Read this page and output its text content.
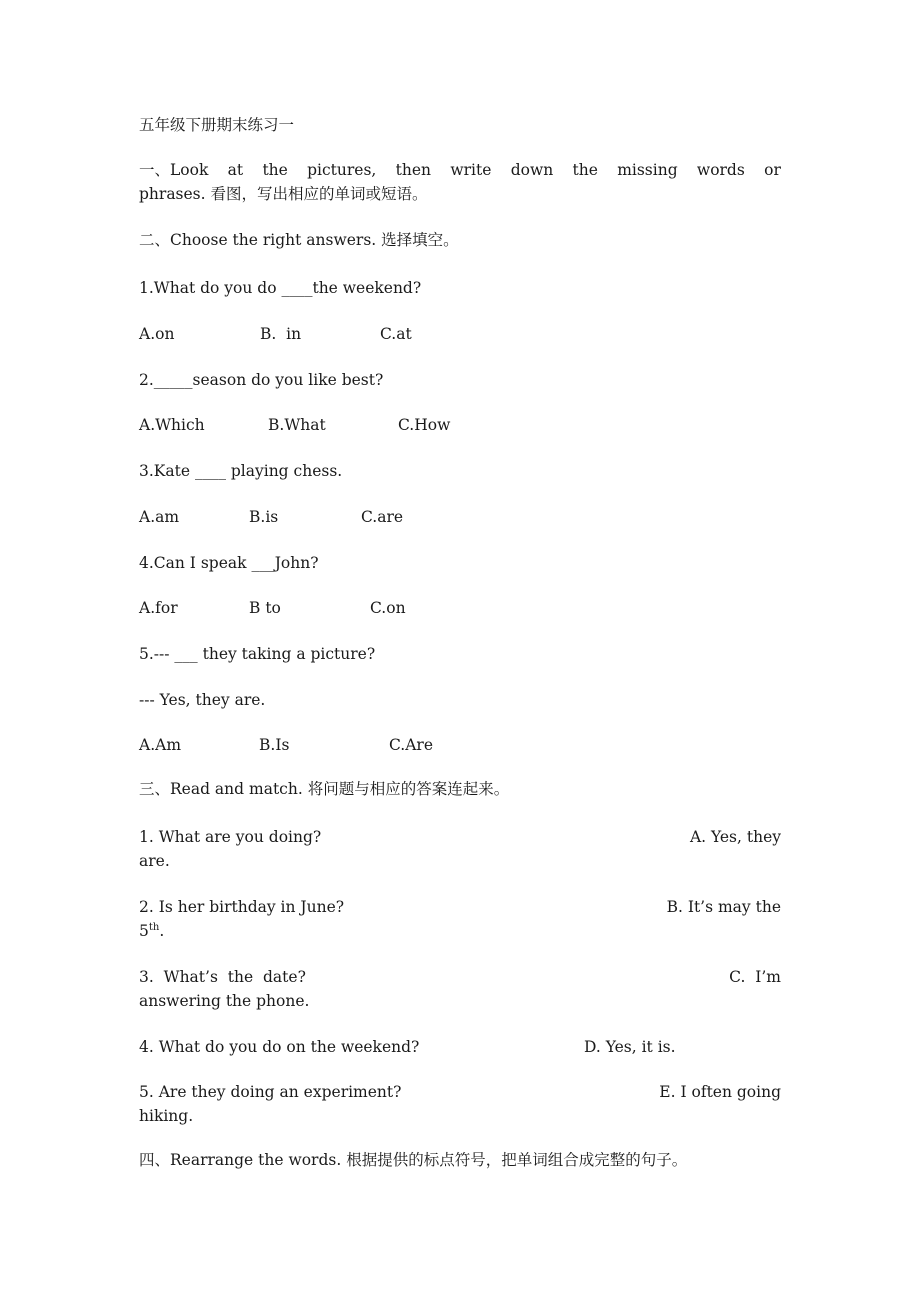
五年级下册期末练习一
一、Look at the pictures, then write down the missing words or
phrases. 看图，写出相应的单词或短语。
二、Choose the right answers. 选择填空。
1.What do you do ____the weekend?

A.on

	B.  in

	C.at

2._____season do you like best?

A.Which

	B.What

	C.How

3.Kate ____ playing chess.

A.am

	B.is

	C.are

4.Can I speak ___John?

A.for

	B to

	C.on

5.--- ___ they taking a picture?
--- Yes, they are.

A.Am

	B.Is

	C.Are

三、Read and match. 将问题与相应的答案连起来。
1. What are you doing?	A. Yes, they
are.
2. Is her birthday in June?	B. It’s may the
5th.
3.  What’s  the  date?	C.  I’m
answering the phone.
4. What do you do on the weekend?	D. Yes, it is.
5. Are they doing an experiment?	E. I often going
hiking.
四、Rearrange the words. 根据提供的标点符号，把单词组合成完整的句子。
